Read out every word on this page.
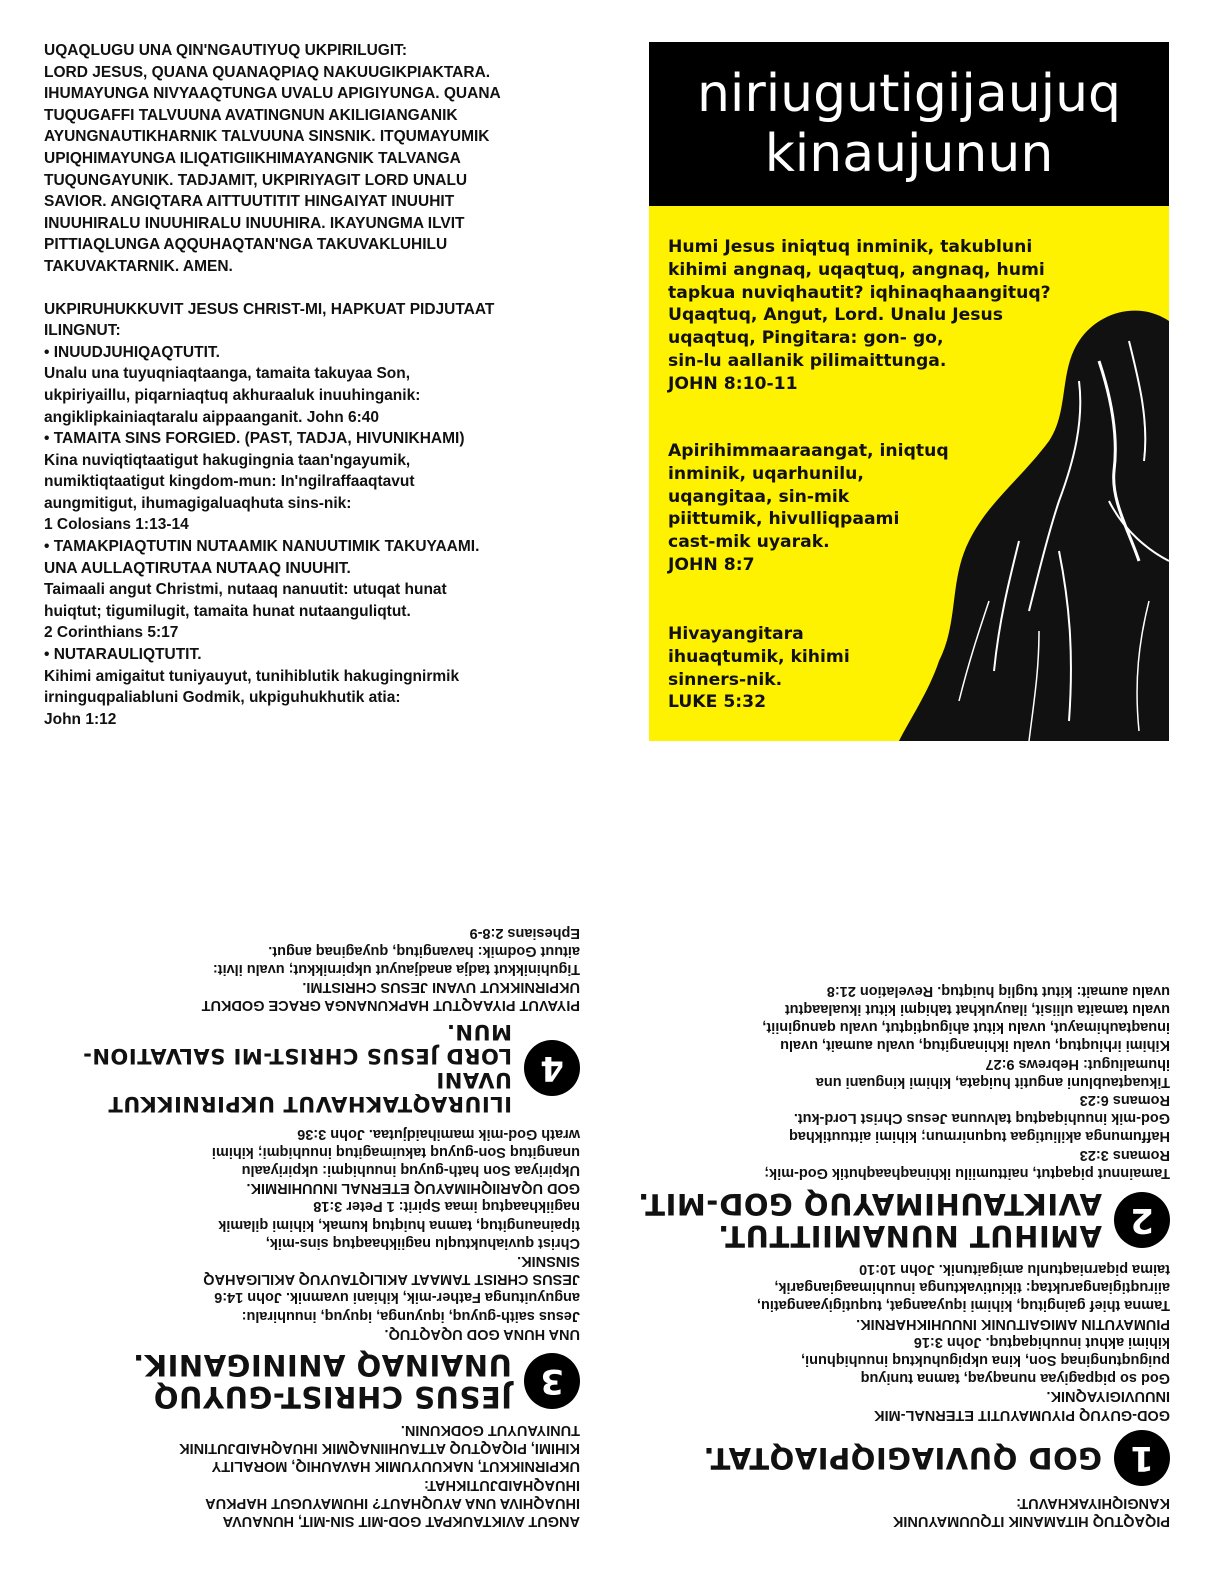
UQAQLUGU UNA QIN'NGAUTIYUQ UKPIRILUGIT:
LORD JESUS, QUANA QUANAQPIAQ NAKUUGIKPIAKTARA.
IHUMAYUNGA NIVYAAQTUNGA UVALU APIGIYUNGA. QUANA
TUQUGAFFI TALVUUNA AVATINGNUN AKILIGIANGANIK
AYUNGNAUTIKHARNIK TALVUUNA SINSNIK. ITQUMAYUMIK
UPIQHIMAYUNGA ILIQATIGIIKHIMAYANGNIK TALVANGA
TUQUNGAYUNIK. TADJAMIT, UKPIRIYAGIT LORD UNALU
SAVIOR. ANGIQTARA AITTUUTITIT HINGAIYAT INUUHIT
INUUHIRALU INUUHIRALU INUUHIRA. IKAYUNGMA ILVIT
PITTIAQLUNGA AQQUHAQTAN'NGA TAKUVAKLUHILU
TAKUVAKTARNIK. AMEN.

UKPIRUHUKKUVIT JESUS CHRIST-MI, HAPKUAT PIDJUTAAT
ILINGNUT:

• INUUDJUHIQAQTUTIT.

Unalu una tuyuqniaqtaanga, tamaita takuyaa Son,
ukpiriyaillu, piqarniaqtuq akhuraaluk inuuhinganik:
angiklipkainiaqtaralu aippaanganit. John 6:40

• TAMAITA SINS FORGIED. (PAST, TADJA, HIVUNIKHAMI)

Kina nuviqtiqtaatigut hakugingnia taan'ngayumik,
numiktiqtaatigut kingdom-mun: In'ngilraffaaqtavut
aungmitigut, ihumagigaluaqhuta sins-nik:
1 Colosians 1:13-14

• TAMAKPIAQTUTIN NUTAAMIK NANUUTIMIK TAKUYAAMI.
UNA AULLAQTIRUTAA NUTAAQ INUUHIT.

Taimaali angut Christmi, nutaaq nanuutit: utuqat hunat
huiqtut; tigumilugit, tamaita hunat nutaanguliqtut.
2 Corinthians 5:17

• NUTARAULIQTUTIT.

Kihimi amigaitut tuniyauyut, tunihiblutik hakugingnirmik
irninguqpaliabluni Godmik, ukpiguhukhutik atia:
John 1:12

niriugutigijaujuq
kinaujunun
Humi Jesus iniqtuq inminik, takubluni
kihimi angnaq, uqaqtuq, angnaq, humi
tapkua nuviqhautit? iqhinaqhaangituq?
Uqaqtuq, Angut, Lord. Unalu Jesus
uqaqtuq, Pingitara: gon- go,
sin-lu aallanik pilimaittunga.
JOHN 8:10-11
Apirihimmaaraangat, iniqtuq
inminik, uqarhunilu,
uqangitaa, sin-mik
piittumik, hivulliqpaami
cast-mik uyarak.
JOHN 8:7
Hivayangitara
ihuaqtumik, kihimi
sinners-nik.
LUKE 5:32
ANGUT AVIKTAUKPAT GOD-MIT SIN-MIT, HUNAUVA
IHUAQHIVA UNA AYUQHAUT? IHUMAYUGUT HAPKUA
IHUAQHAIDJUTIKHAT:
UKPIRNIKKUT, NAKUUYUMIK HAVAUHIQ, MORALITY
KIHIMI, PIQAQTUQ ATTAUHIINAQMIK IHUAQHAIDJUTINIK
TUNIYAUYUT GODKUNIN.
3
JESUS CHRIST-GUYUQ
UNAINAQ ANINIGANIK.
UNA HUNA GOD UQAQTUQ.
Jesus saith-guyuq, iquyunga, iquyuq, inuuhiralu:
anguyuitunga Father-mik, kihiani uvamnik. John 14:6
JESUS CHRIST TAMAAT AKILIQTAUYUQ AKILIGAHAQ
SINSNIK.
Christ quviahuktuqlu nagiikhaaqtuq sins-mik,
tipainaungituq, tamna huiqtuq kumak, kihimi qilamik
nagiikhaaqtuq imaa Spirit: 1 Peter 3:18
GOD UQARIIQHIMAYUQ ETERNAL INUUHIRMIK.
Ukpiriyaa Son hath-guyuq inuuhiqmi: ukpiriyaalu
unangituq Son-guyuq takuimagituq inuuhiqmi; kihimi
wrath God-mik mamihaidjutaa. John 3:36
4
ILIURAQTAKHAVUT UKPIRNIKKUT UVANI
LORD JESUS CHRIST-MI SALVATION-MUN.
PIYAVUT PIYAAQTUT HAPKUNANGA GRACE GODKUT
UKPIRNIKKUT UVANI JESUS CHRISTMI.
Tiguhinikkut tadja anadjauyut ukpirnikkut; uvalu ilvit:
aituut Godmik: havangituq, quyaginaq angut.
Ephesians 2:8-9
PIQAQTUQ HITAMANIK ITQUUMAYUNIK
KANGIQHIYAKHAVUT:
1
GOD QUVIAGIQPIAQTAT.
GOD-GUYUQ PIYUMAYUTIT ETERNAL-MIK
INUUVIGIYAQNIK.
God so piqpagiyaa nunaqyaq, tamna tuniyuq
puiguqtunginaq Son, kina ukpiguhuktuq inuuhiqhuni,
kihimi akhut inuuhiqaqtuq. John 3:16
PIUMAYUTIN AMIGAITUNIK INUUHIKHARNIK.
Tamna thief gaingituq, kihimi iquyaangat, tuqutigiyaangatiu,
aiiruqtigiangaruktaq: tikiutivaktunga inuuhimaagiangarik,
taima piqarniaqtunlu amigaitunik. John 10:10
2
AMIHUT NUNAMIITTUT.
AVIKTAUHIMAYUQ GOD-MIT.
Tamainnut piqaqtut, naittumiilu ikhinaqhaaqhutik God-mik;
Romans 3:23
Haffumunga akiliutigaa tuqunirmun; kihimi aittuutikhaq
God-mik inuuhiqaqtuq talvuuna Jesus Christ Lord-kut.
Romans 6:23
Tikuaqtaubluni angutit huiqata, kihimi kinguani una
ihumaliugut: Hebrews 9:27
Kihimi irhiuqtuq, uvalu ikhinangituq, uvalu aumait, uvalu
inuaqtauhimayut, uvalu kitut ahiguqtiqtut, uvalu qanuginiit,
uvalu tamaita uliisit, ilauyukhat tahiqmi kitut ikualaaqtut
uvalu aumait: kitut tugliq huiqtuq. Revelation 21:8
